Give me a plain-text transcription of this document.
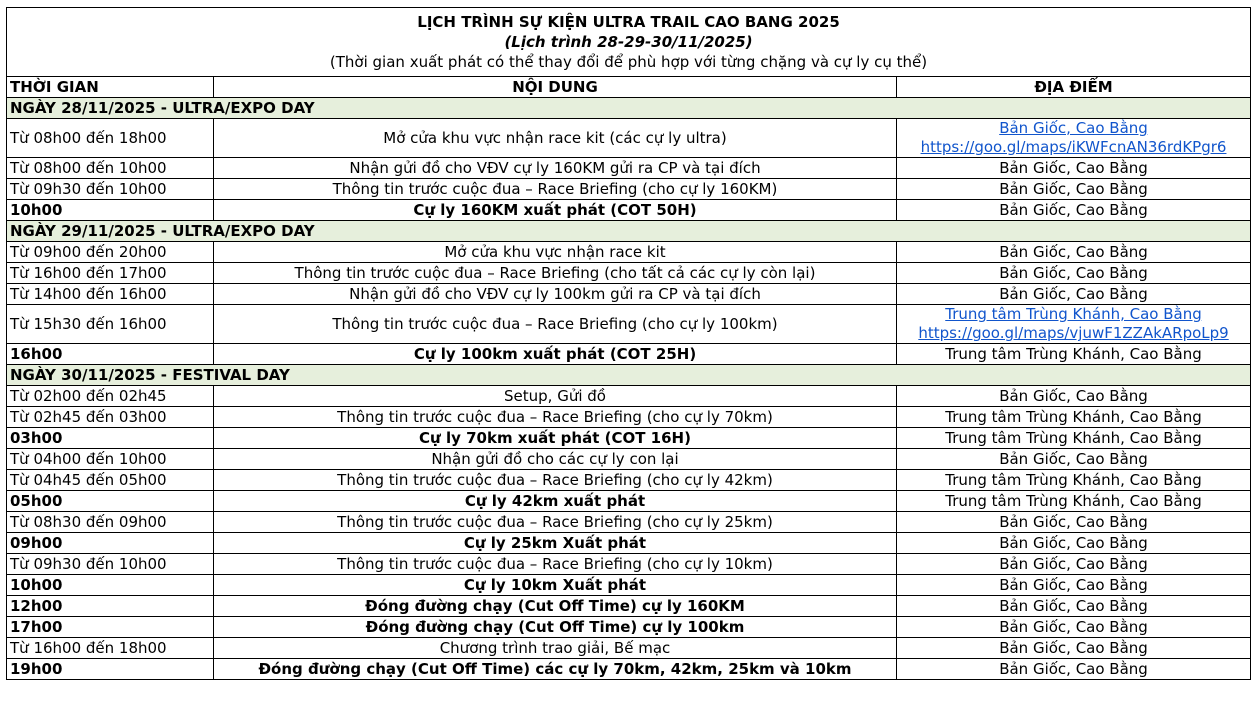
LỊCH TRÌNH SỰ KIỆN ULTRA TRAIL CAO BANG 2025
(Lịch trình 28-29-30/11/2025)
(Thời gian xuất phát có thể thay đổi để phù hợp với từng chặng và cự ly cụ thể)		

THỜI GIAN	NỘI DUNG	ĐỊA ĐIỂM
NGÀY 28/11/2025 - ULTRA/EXPO DAY		
Từ 08h00 đến 18h00	Mở cửa khu vực nhận race kit (các cự ly ultra)	Bản Giốc, Cao Bằng
https://goo.gl/maps/iKWFcnAN36rdKPgr6
Từ 08h00 đến 10h00	Nhận gửi đồ cho VĐV cự ly 160KM gửi ra CP và tại đích	Bản Giốc, Cao Bằng
Từ 09h30 đến 10h00	Thông tin trước cuộc đua – Race Briefing (cho cự ly 160KM)	Bản Giốc, Cao Bằng
10h00	Cự ly 160KM xuất phát (COT 50H)	Bản Giốc, Cao Bằng
NGÀY 29/11/2025 - ULTRA/EXPO DAY		
Từ 09h00 đến 20h00	Mở cửa khu vực nhận race kit	Bản Giốc, Cao Bằng
Từ 16h00 đến 17h00	Thông tin trước cuộc đua – Race Briefing (cho tất cả các cự ly còn lại)	Bản Giốc, Cao Bằng
Từ 14h00 đến 16h00	Nhận gửi đồ cho VĐV cự ly 100km gửi ra CP và tại đích	Bản Giốc, Cao Bằng
Từ 15h30 đến 16h00	Thông tin trước cuộc đua – Race Briefing (cho cự ly 100km)	Trung tâm Trùng Khánh, Cao Bằng
https://goo.gl/maps/vjuwF1ZZAkARpoLp9
16h00	Cự ly 100km xuất phát (COT 25H)	Trung tâm Trùng Khánh, Cao Bằng
NGÀY 30/11/2025 - FESTIVAL DAY		
Từ 02h00 đến 02h45	Setup, Gửi đồ	Bản Giốc, Cao Bằng
Từ 02h45 đến 03h00	Thông tin trước cuộc đua – Race Briefing (cho cự ly 70km)	Trung tâm Trùng Khánh, Cao Bằng
03h00	Cự ly 70km xuất phát (COT 16H)	Trung tâm Trùng Khánh, Cao Bằng
Từ 04h00 đến 10h00	Nhận gửi đồ cho các cự ly con lại	Bản Giốc, Cao Bằng
Từ 04h45 đến 05h00	Thông tin trước cuộc đua – Race Briefing (cho cự ly 42km)	Trung tâm Trùng Khánh, Cao Bằng
05h00	Cự ly 42km xuất phát	Trung tâm Trùng Khánh, Cao Bằng
Từ 08h30 đến 09h00	Thông tin trước cuộc đua – Race Briefing (cho cự ly 25km)	Bản Giốc, Cao Bằng
09h00	Cự ly 25km Xuất phát	Bản Giốc, Cao Bằng
Từ 09h30 đến 10h00	Thông tin trước cuộc đua – Race Briefing (cho cự ly 10km)	Bản Giốc, Cao Bằng
10h00	Cự ly 10km Xuất phát	Bản Giốc, Cao Bằng
12h00	Đóng đường chạy (Cut Off Time) cự ly 160KM	Bản Giốc, Cao Bằng
17h00	Đóng đường chạy (Cut Off Time) cự ly 100km	Bản Giốc, Cao Bằng
Từ 16h00 đến 18h00	Chương trình trao giải, Bế mạc	Bản Giốc, Cao Bằng
19h00	Đóng đường chạy (Cut Off Time) các cự ly 70km, 42km, 25km và 10km	Bản Giốc, Cao Bằng
